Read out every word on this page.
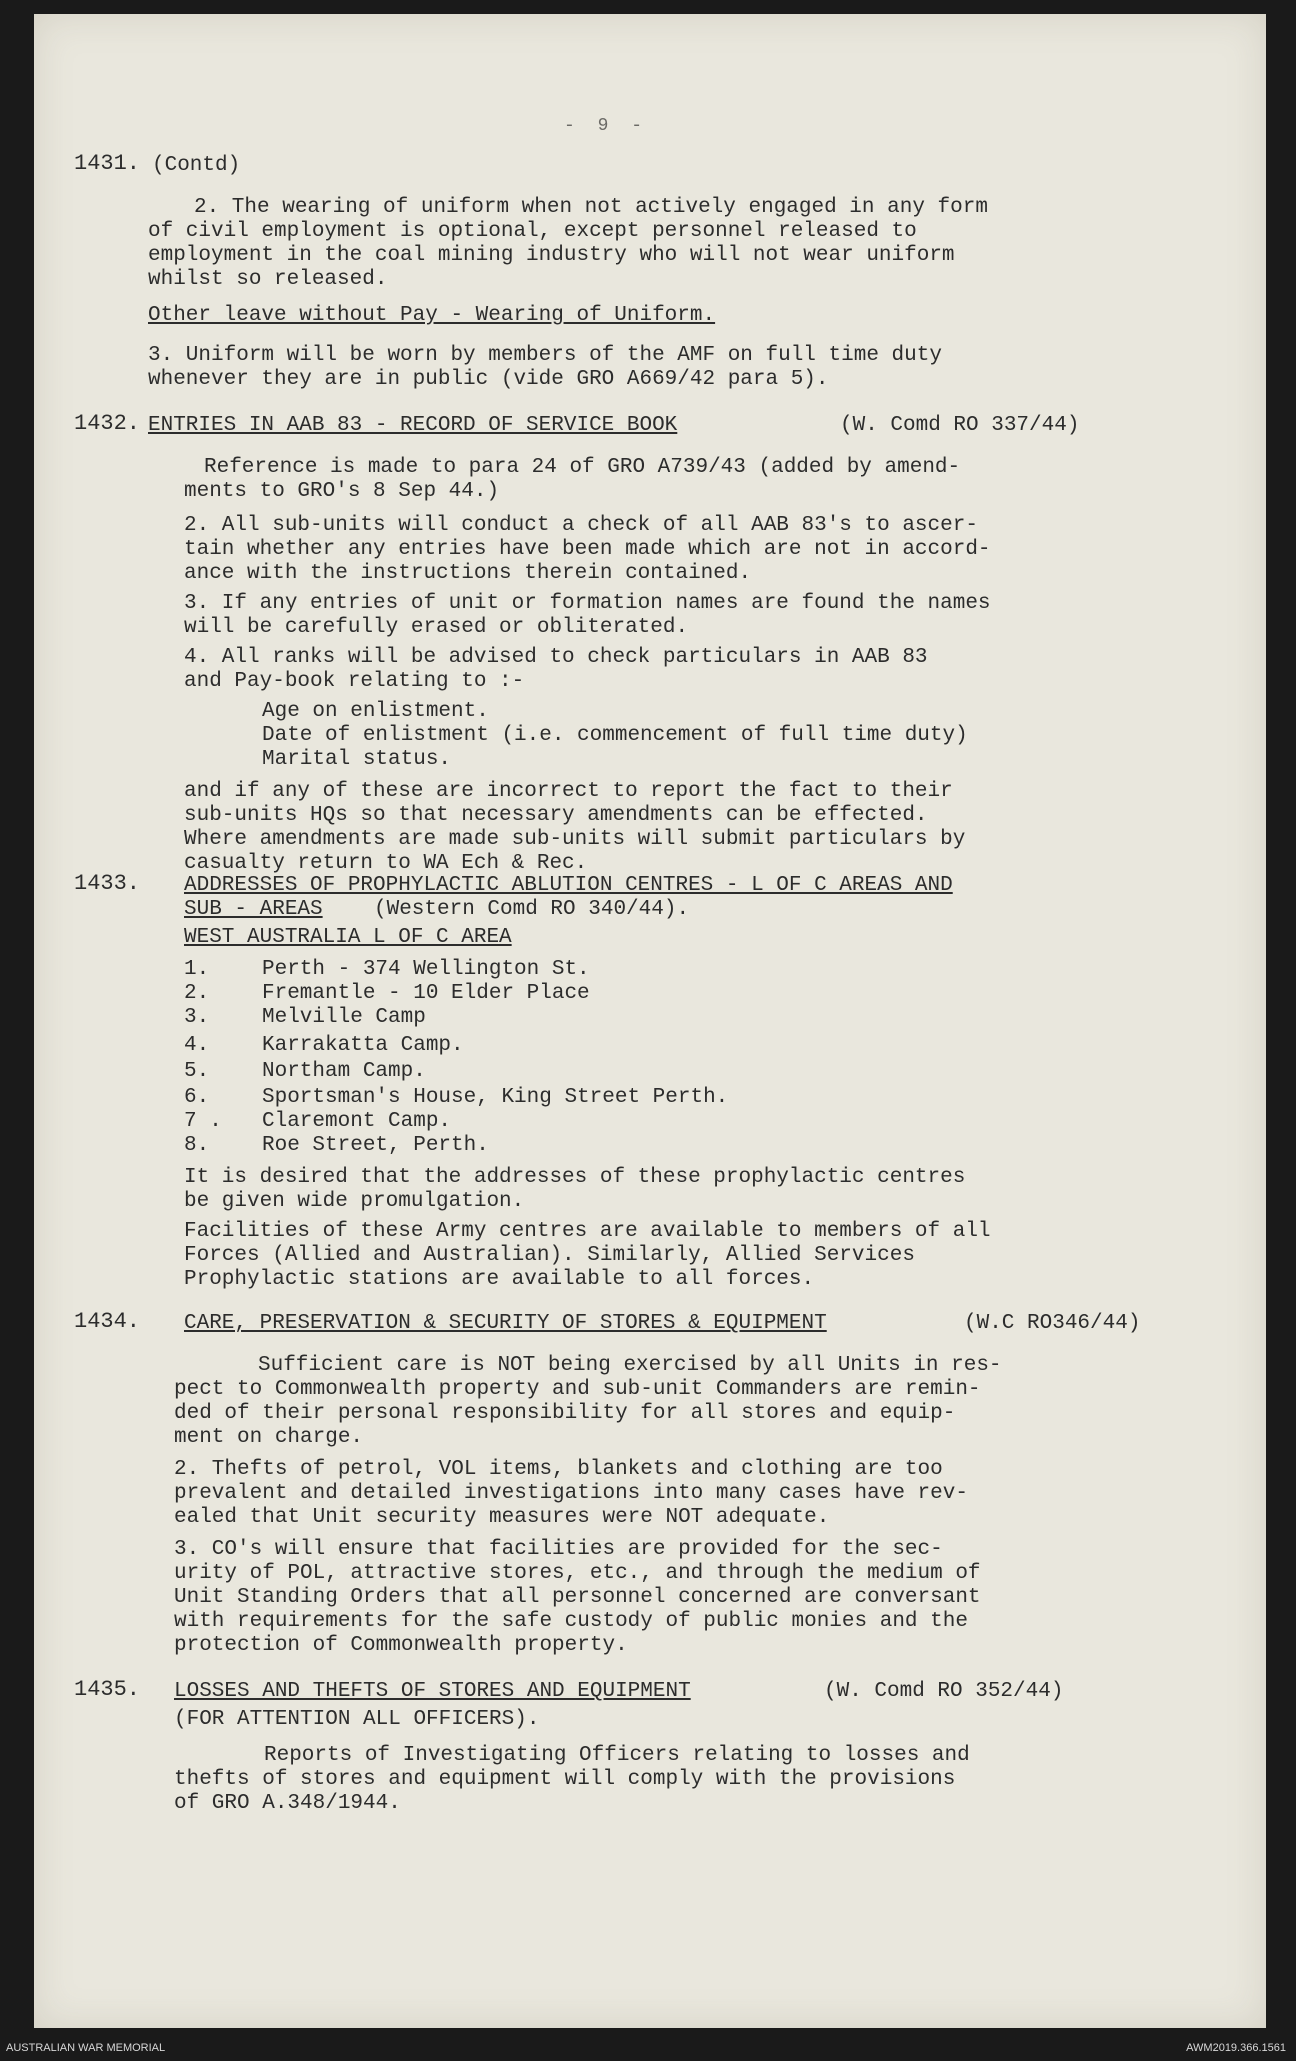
- 9 -
1431. (Contd)
2. The wearing of uniform when not actively engaged in any form
of civil employment is optional, except personnel released to
employment in the coal mining industry who will not wear uniform
whilst so released.
Other leave without Pay - Wearing of Uniform.
3. Uniform will be worn by members of the AMF on full time duty
whenever they are in public (vide GRO A669/42 para 5).
1432. ENTRIES IN AAB 83 - RECORD OF SERVICE BOOK	(W. Comd RO 337/44)
Reference is made to para 24 of GRO A739/43 (added by amend-
ments to GRO's 8 Sep 44.)
2. All sub-units will conduct a check of all AAB 83's to ascer-
tain whether any entries have been made which are not in accord-
ance with the instructions therein contained.
3. If any entries of unit or formation names are found the names
will be carefully erased or obliterated.
4. All ranks will be advised to check particulars in AAB 83
and Pay-book relating to :-
Age on enlistment.
Date of enlistment (i.e. commencement of full time duty)
Marital status.
and if any of these are incorrect to report the fact to their
sub-units HQs so that necessary amendments can be effected.
Where amendments are made sub-units will submit particulars by
casualty return to WA Ech & Rec.
1433. ADDRESSES OF PROPHYLACTIC ABLUTION CENTRES - L OF C AREAS AND
SUB - AREAS (Western Comd RO 340/44).
WEST AUSTRALIA L OF C AREA
1.	Perth - 374 Wellington St.
2.	Fremantle - 10 Elder Place
3.	Melville Camp
4.	Karrakatta Camp.
5.	Northam Camp.
6.	Sportsman's House, King Street Perth.
7 . Claremont Camp.
8.	Roe Street, Perth.
It is desired that the addresses of these prophylactic centres
be given wide promulgation.
Facilities of these Army centres are available to members of all
Forces (Allied and Australian). Similarly, Allied Services
Prophylactic stations are available to all forces.
1434. CARE, PRESERVATION & SECURITY OF STORES & EQUIPMENT	(W.C RO346/44)
Sufficient care is NOT being exercised by all Units in res-
pect to Commonwealth property and sub-unit Commanders are remin-
ded of their personal responsibility for all stores and equip-
ment on charge.
2. Thefts of petrol, VOL items, blankets and clothing are too
prevalent and detailed investigations into many cases have rev-
ealed that Unit security measures were NOT adequate.
3. CO's will ensure that facilities are provided for the sec-
urity of POL, attractive stores, etc., and through the medium of
Unit Standing Orders that all personnel concerned are conversant
with requirements for the safe custody of public monies and the
protection of Commonwealth property.
1435. LOSSES AND THEFTS OF STORES AND EQUIPMENT	(W. Comd RO 352/44)
(FOR ATTENTION ALL OFFICERS).
Reports of Investigating Officers relating to losses and
thefts of stores and equipment will comply with the provisions
of GRO A.348/1944.
AUSTRALIAN WAR MEMORIAL	AWM2019.366.1561
